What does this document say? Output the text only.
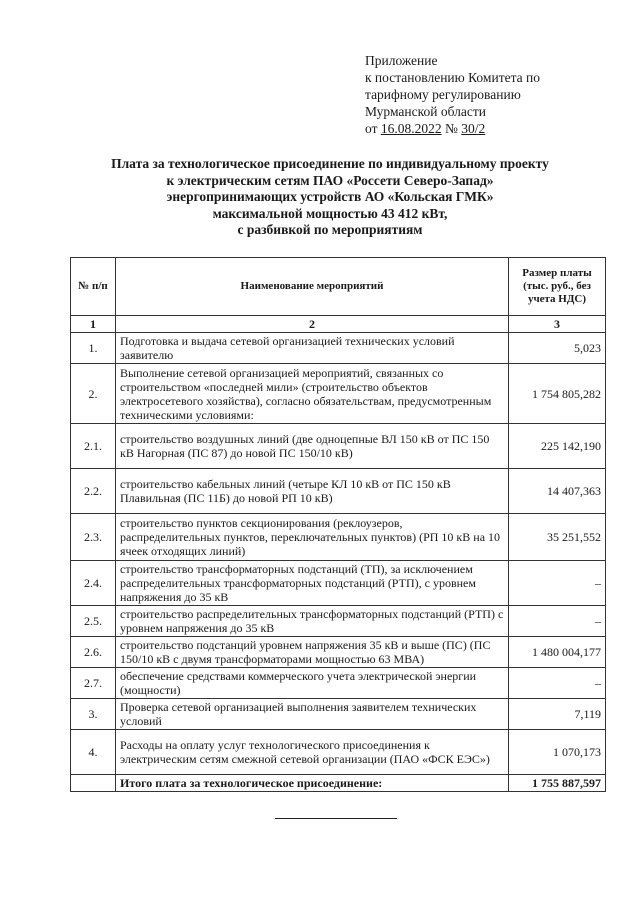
Приложение
к постановлению Комитета по
тарифному регулированию
Мурманской области
от 16.08.2022 № 30/2
Плата за технологическое присоединение по индивидуальному проекту
к электрическим сетям ПАО «Россети Северо-Запад»
энергопринимающих устройств АО «Кольская ГМК»
максимальной мощностью 43 412 кВт,
с разбивкой по мероприятиям
№ п/п	Наименование мероприятий	Размер платы (тыс. руб., без учета НДС)
1	2	3
1.	Подготовка и выдача сетевой организацией технических условий заявителю	5,023
2.	Выполнение сетевой организацией мероприятий, связанных со строительством «последней мили» (строительство объектов электросетевого хозяйства), согласно обязательствам, предусмотренным техническими условиями:	1 754 805,282
2.1.	строительство воздушных линий (две одноцепные ВЛ 150 кВ от ПС 150 кВ Нагорная (ПС 87) до новой ПС 150/10 кВ)	225 142,190
2.2.	строительство кабельных линий (четыре КЛ 10 кВ от ПС 150 кВ Плавильная (ПС 11Б) до новой РП 10 кВ)	14 407,363
2.3.	строительство пунктов секционирования (реклоузеров, распределительных пунктов, переключательных пунктов) (РП 10 кВ на 10 ячеек отходящих линий)	35 251,552
2.4.	строительство трансформаторных подстанций (ТП), за исключением распределительных трансформаторных подстанций (РТП), с уровнем напряжения до 35 кВ	–
2.5.	строительство распределительных трансформаторных подстанций (РТП) с уровнем напряжения до 35 кВ	–
2.6.	строительство подстанций уровнем напряжения 35 кВ и выше (ПС) (ПС 150/10 кВ с двумя трансформаторами мощностью 63 МВА)	1 480 004,177
2.7.	обеспечение средствами коммерческого учета электрической энергии (мощности)	–
3.	Проверка сетевой организацией выполнения заявителем технических условий	7,119
4.	Расходы на оплату услуг технологического присоединения к электрическим сетям смежной сетевой организации (ПАО «ФСК ЕЭС»)	1 070,173
	Итого плата за технологическое присоединение:	1 755 887,597
